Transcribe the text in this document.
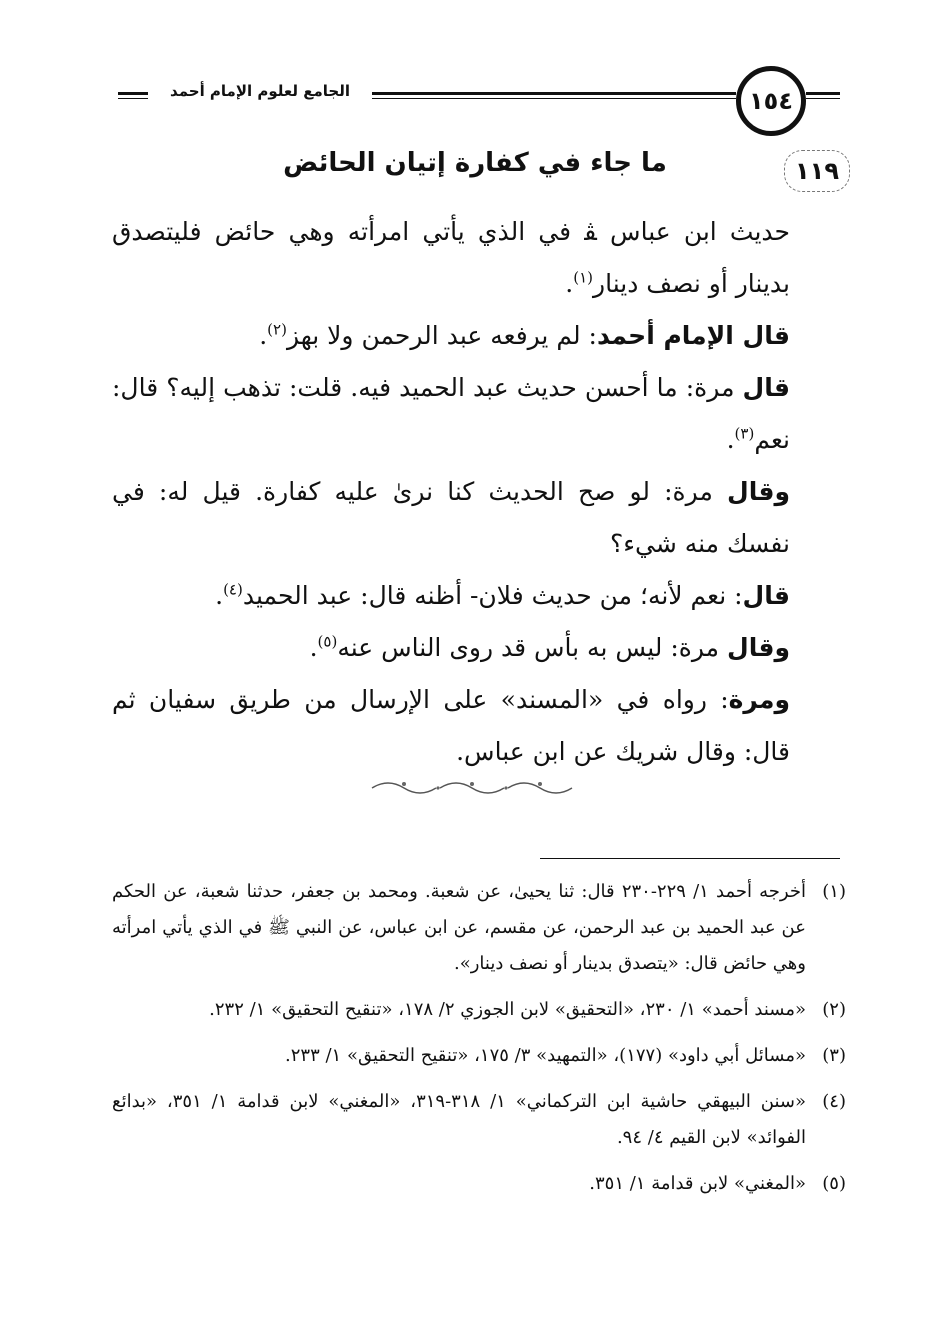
الجامع لعلوم الإمام أحمد	١٥٤
١١٩
ما جاء في كفارة إتيان الحائض

حديث ابن عباس ﭭ في الذي يأتي امرأته وهي حائض فليتصدق بدينار أو نصف دينار$^{(١)}$.

قال الإمام أحمد: لم يرفعه عبد الرحمن ولا بهز$^{(٢)}$.

قال مرة: ما أحسن حديث عبد الحميد فيه. قلت: تذهب إليه؟ قال: نعم$^{(٣)}$.

وقال مرة: لو صح الحديث كنا نرىٰ عليه كفارة. قيل له: في نفسك منه شيء؟

قال: نعم لأنه؛ من حديث فلان- أظنه قال: عبد الحميد$^{(٤)}$.

وقال مرة: ليس به بأس قد روى الناس عنه$^{(٥)}$.

ومرة: رواه في «المسند» على الإرسال من طريق سفيان ثم قال: وقال شريك عن ابن عباس.

(١)
أخرجه أحمد ١/ ٢٢٩-٢٣٠ قال: ثنا يحيىٰ، عن شعبة. ومحمد بن جعفر، حدثنا شعبة، عن الحكم عن عبد الحميد بن عبد الرحمن، عن مقسم، عن ابن عباس، عن النبي ﷺ في الذي يأتي امرأته وهي حائض قال: «يتصدق بدينار أو نصف دينار».
(٢)
«مسند أحمد» ١/ ٢٣٠، «التحقيق» لابن الجوزي ٢/ ١٧٨، «تنقيح التحقيق» ١/ ٢٣٢.
(٣)
«مسائل أبي داود» (١٧٧)، «التمهيد» ٣/ ١٧٥، «تنقيح التحقيق» ١/ ٢٣٣.
(٤)
«سنن البيهقي حاشية ابن التركماني» ١/ ٣١٨-٣١٩، «المغني» لابن قدامة ١/ ٣٥١، «بدائع الفوائد» لابن القيم ٤/ ٩٤.
(٥)
«المغني» لابن قدامة ١/ ٣٥١.
